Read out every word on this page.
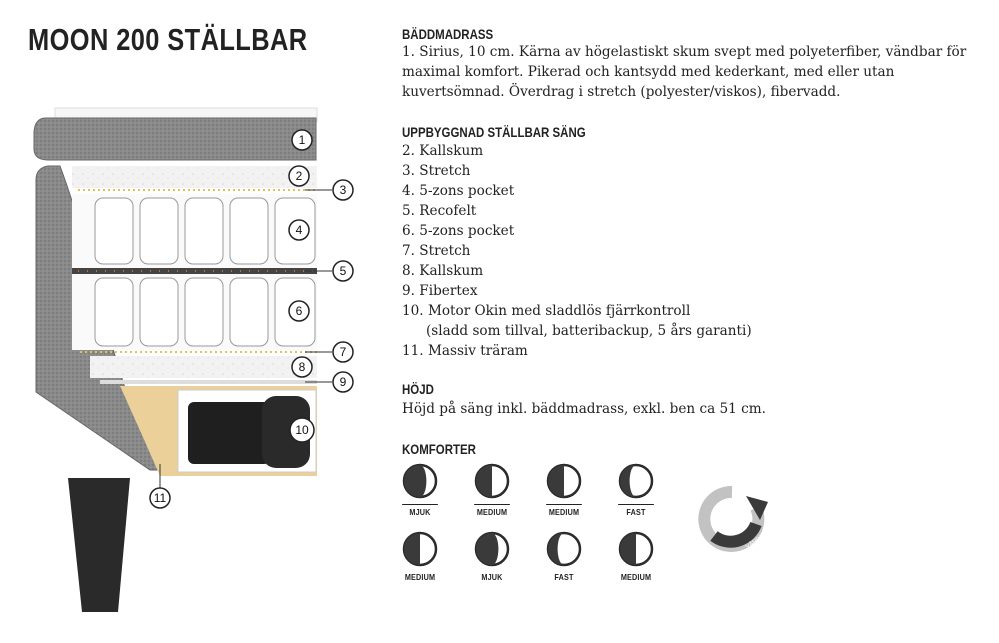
MOON 200 STÄLLBAR
1
2
3
4
5
6
7
8
9
10
11
BÄDDMADRASS
1. Sirius, 10 cm. Kärna av högelastiskt skum svept med polyeterfiber, vändbar för maximal komfort. Pikerad och kantsydd med kederkant, med eller utan kuvertsömnad. Överdrag i stretch (polyester/viskos), fibervadd.
UPPBYGGNAD STÄLLBAR SÄNG
2. Kallskum
3. Stretch
4. 5-zons pocket
5. Recofelt
6. 5-zons pocket
7. Stretch
8. Kallskum
9. Fibertex
10. Motor Okin med sladdlös fjärrkontroll
(sladd som tillval, batteribackup, 5 års garanti)
11. Massiv träram
HÖJD
Höjd på säng inkl. bäddmadrass, exkl. ben ca 51 cm.
KOMFORTER
MJUK	MEDIUM	MEDIUM	FAST
MEDIUM	MJUK	FAST	MEDIUM
VÄNDBAR
